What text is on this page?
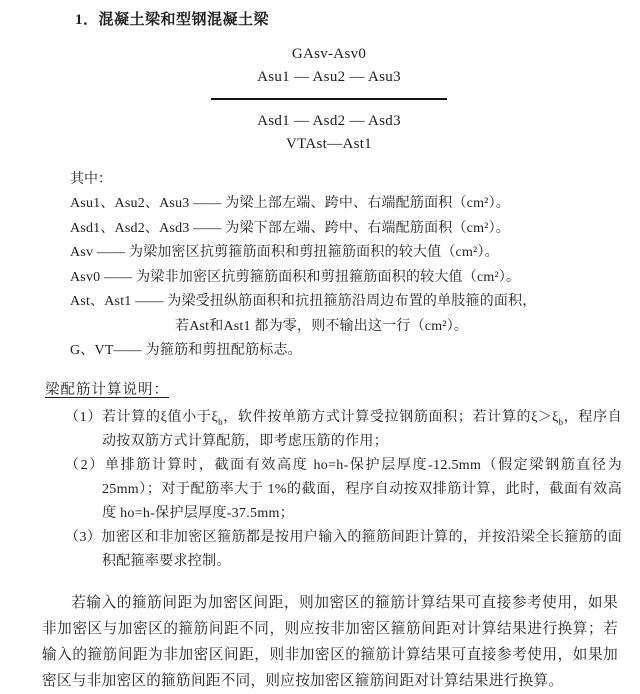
1．混凝土梁和型钢混凝土梁
GAsv-Asv0
Asu1 — Asu2 — Asu3
Asd1 — Asd2 — Asd3
VTAst—Ast1
其中：
Asu1、Asu2、Asu3 —— 为梁上部左端、跨中、右端配筋面积（cm²）。
Asd1、Asd2、Asd3 —— 为梁下部左端、跨中、右端配筋面积（cm²）。
Asv —— 为梁加密区抗剪箍筋面积和剪扭箍筋面积的较大值（cm²）。
Asv0 —— 为梁非加密区抗剪箍筋面积和剪扭箍筋面积的较大值（cm²）。
Ast、Ast1 —— 为梁受扭纵筋面积和抗扭箍筋沿周边布置的单肢箍的面积，
若Ast和Ast1 都为零，则不输出这一行（cm²）。
G、VT—— 为箍筋和剪扭配筋标志。
梁配筋计算说明：
（1）若计算的ξ值小于$\xi_b$，软件按单筋方式计算受拉钢筋面积；若计算的$\xi>\xi_b$，程序自动按双筋方式计算配筋，即考虑压筋的作用；
（2）单排筋计算时，截面有效高度 ho=h-保护层厚度-12.5mm（假定梁钢筋直径为25mm）；对于配筋率大于 1%的截面，程序自动按双排筋计算，此时，截面有效高度 ho=h-保护层厚度-37.5mm；
（3）加密区和非加密区箍筋都是按用户输入的箍筋间距计算的，并按沿梁全长箍筋的面积配箍率要求控制。

若输入的箍筋间距为加密区间距，则加密区的箍筋计算结果可直接参考使用，如果非加密区与加密区的箍筋间距不同，则应按非加密区箍筋间距对计算结果进行换算；若输入的箍筋间距为非加密区间距，则非加密区的箍筋计算结果可直接参考使用，如果加密区与非加密区的箍筋间距不同，则应按加密区箍筋间距对计算结果进行换算。
